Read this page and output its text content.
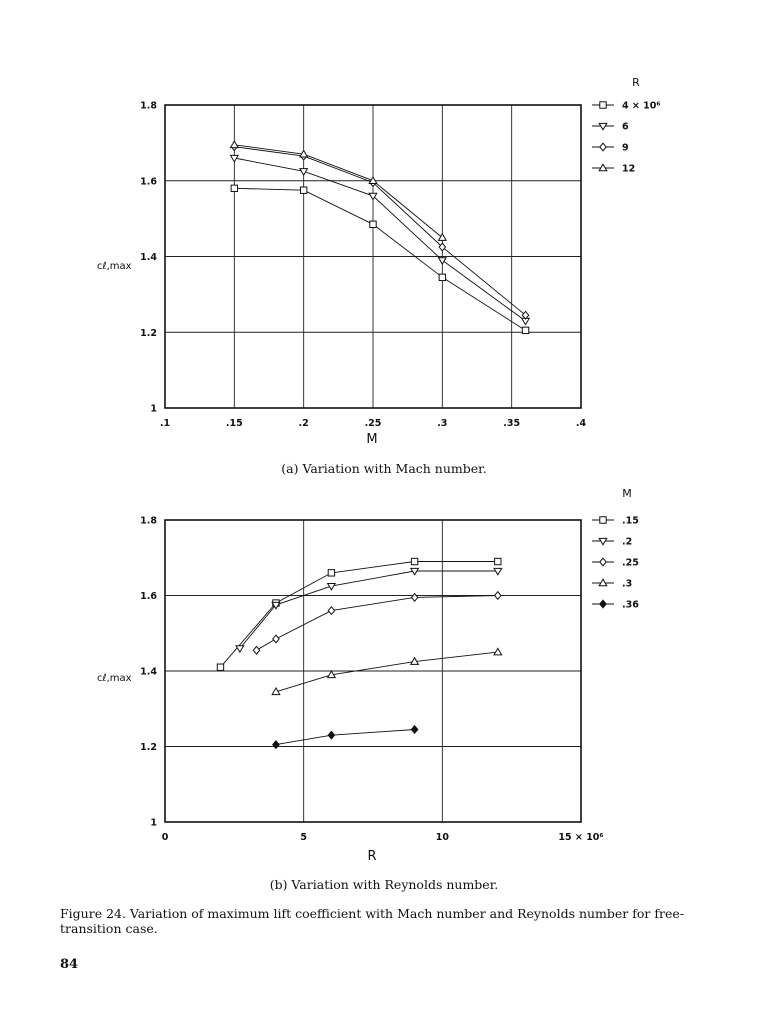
1
1.2
1.4
1.6
1.8
.1	.15	.2	.25	.3	.35	.4
M
cℓ,max
R
4 × 10⁶
6
9
12
1
1.2
1.4
1.6
1.8
0	5	10	15 × 10⁶
R
cℓ,max
M
.15
.2
.25
.3
.36
(a) Variation with Mach number.
(b) Variation with Reynolds number.
Figure 24. Variation of maximum lift coefficient with Mach number and Reynolds number for free-transition case.
84
